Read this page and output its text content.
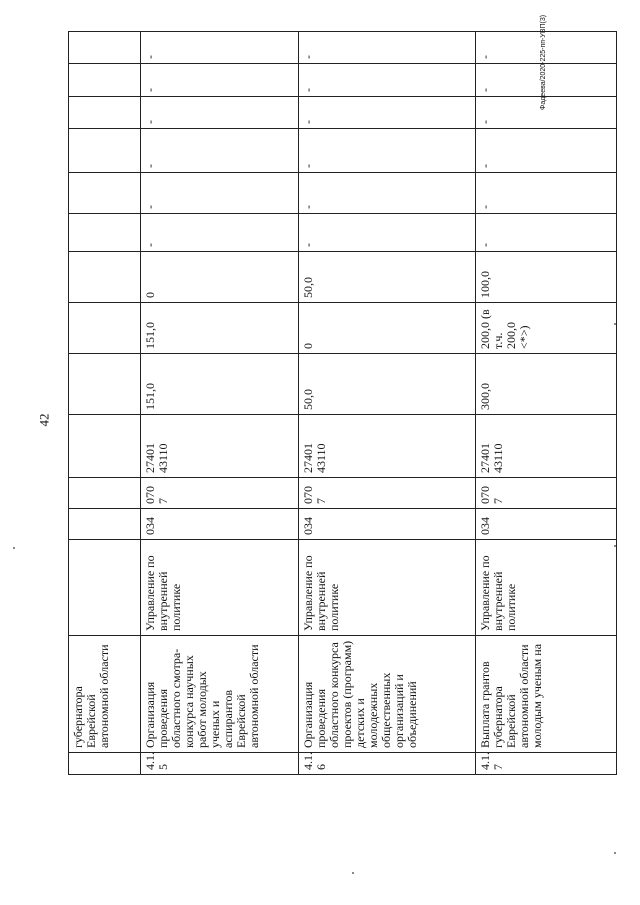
42
	губернатора Еврейской автономной области													
4.1. 5	Организация проведения областного смотра-конкурса научных работ молодых ученых и аспирантов Еврейской автономной области	Управление по внутренней политике	034	070 7	27401 43110	151,0	151,0	0	-	-	-	-	-	-
4.1. 6	Организация проведения областного конкурса проектов (программ) детских и молодежных общественных организаций и объединений	Управление по внутренней политике	034	070 7	27401 43110	50,0	0	50,0	-	-	-	-	-	-
4.1. 7	Выплата грантов губернатора Еврейской автономной области молодым ученым на	Управление по внутренней политике	034	070 7	27401 43110	300,0	200,0 (в т.ч. 200,0 <*>)	100,0	-	-	-	-	-	-	Фадеева/2020-225-пп-УВП(3)
